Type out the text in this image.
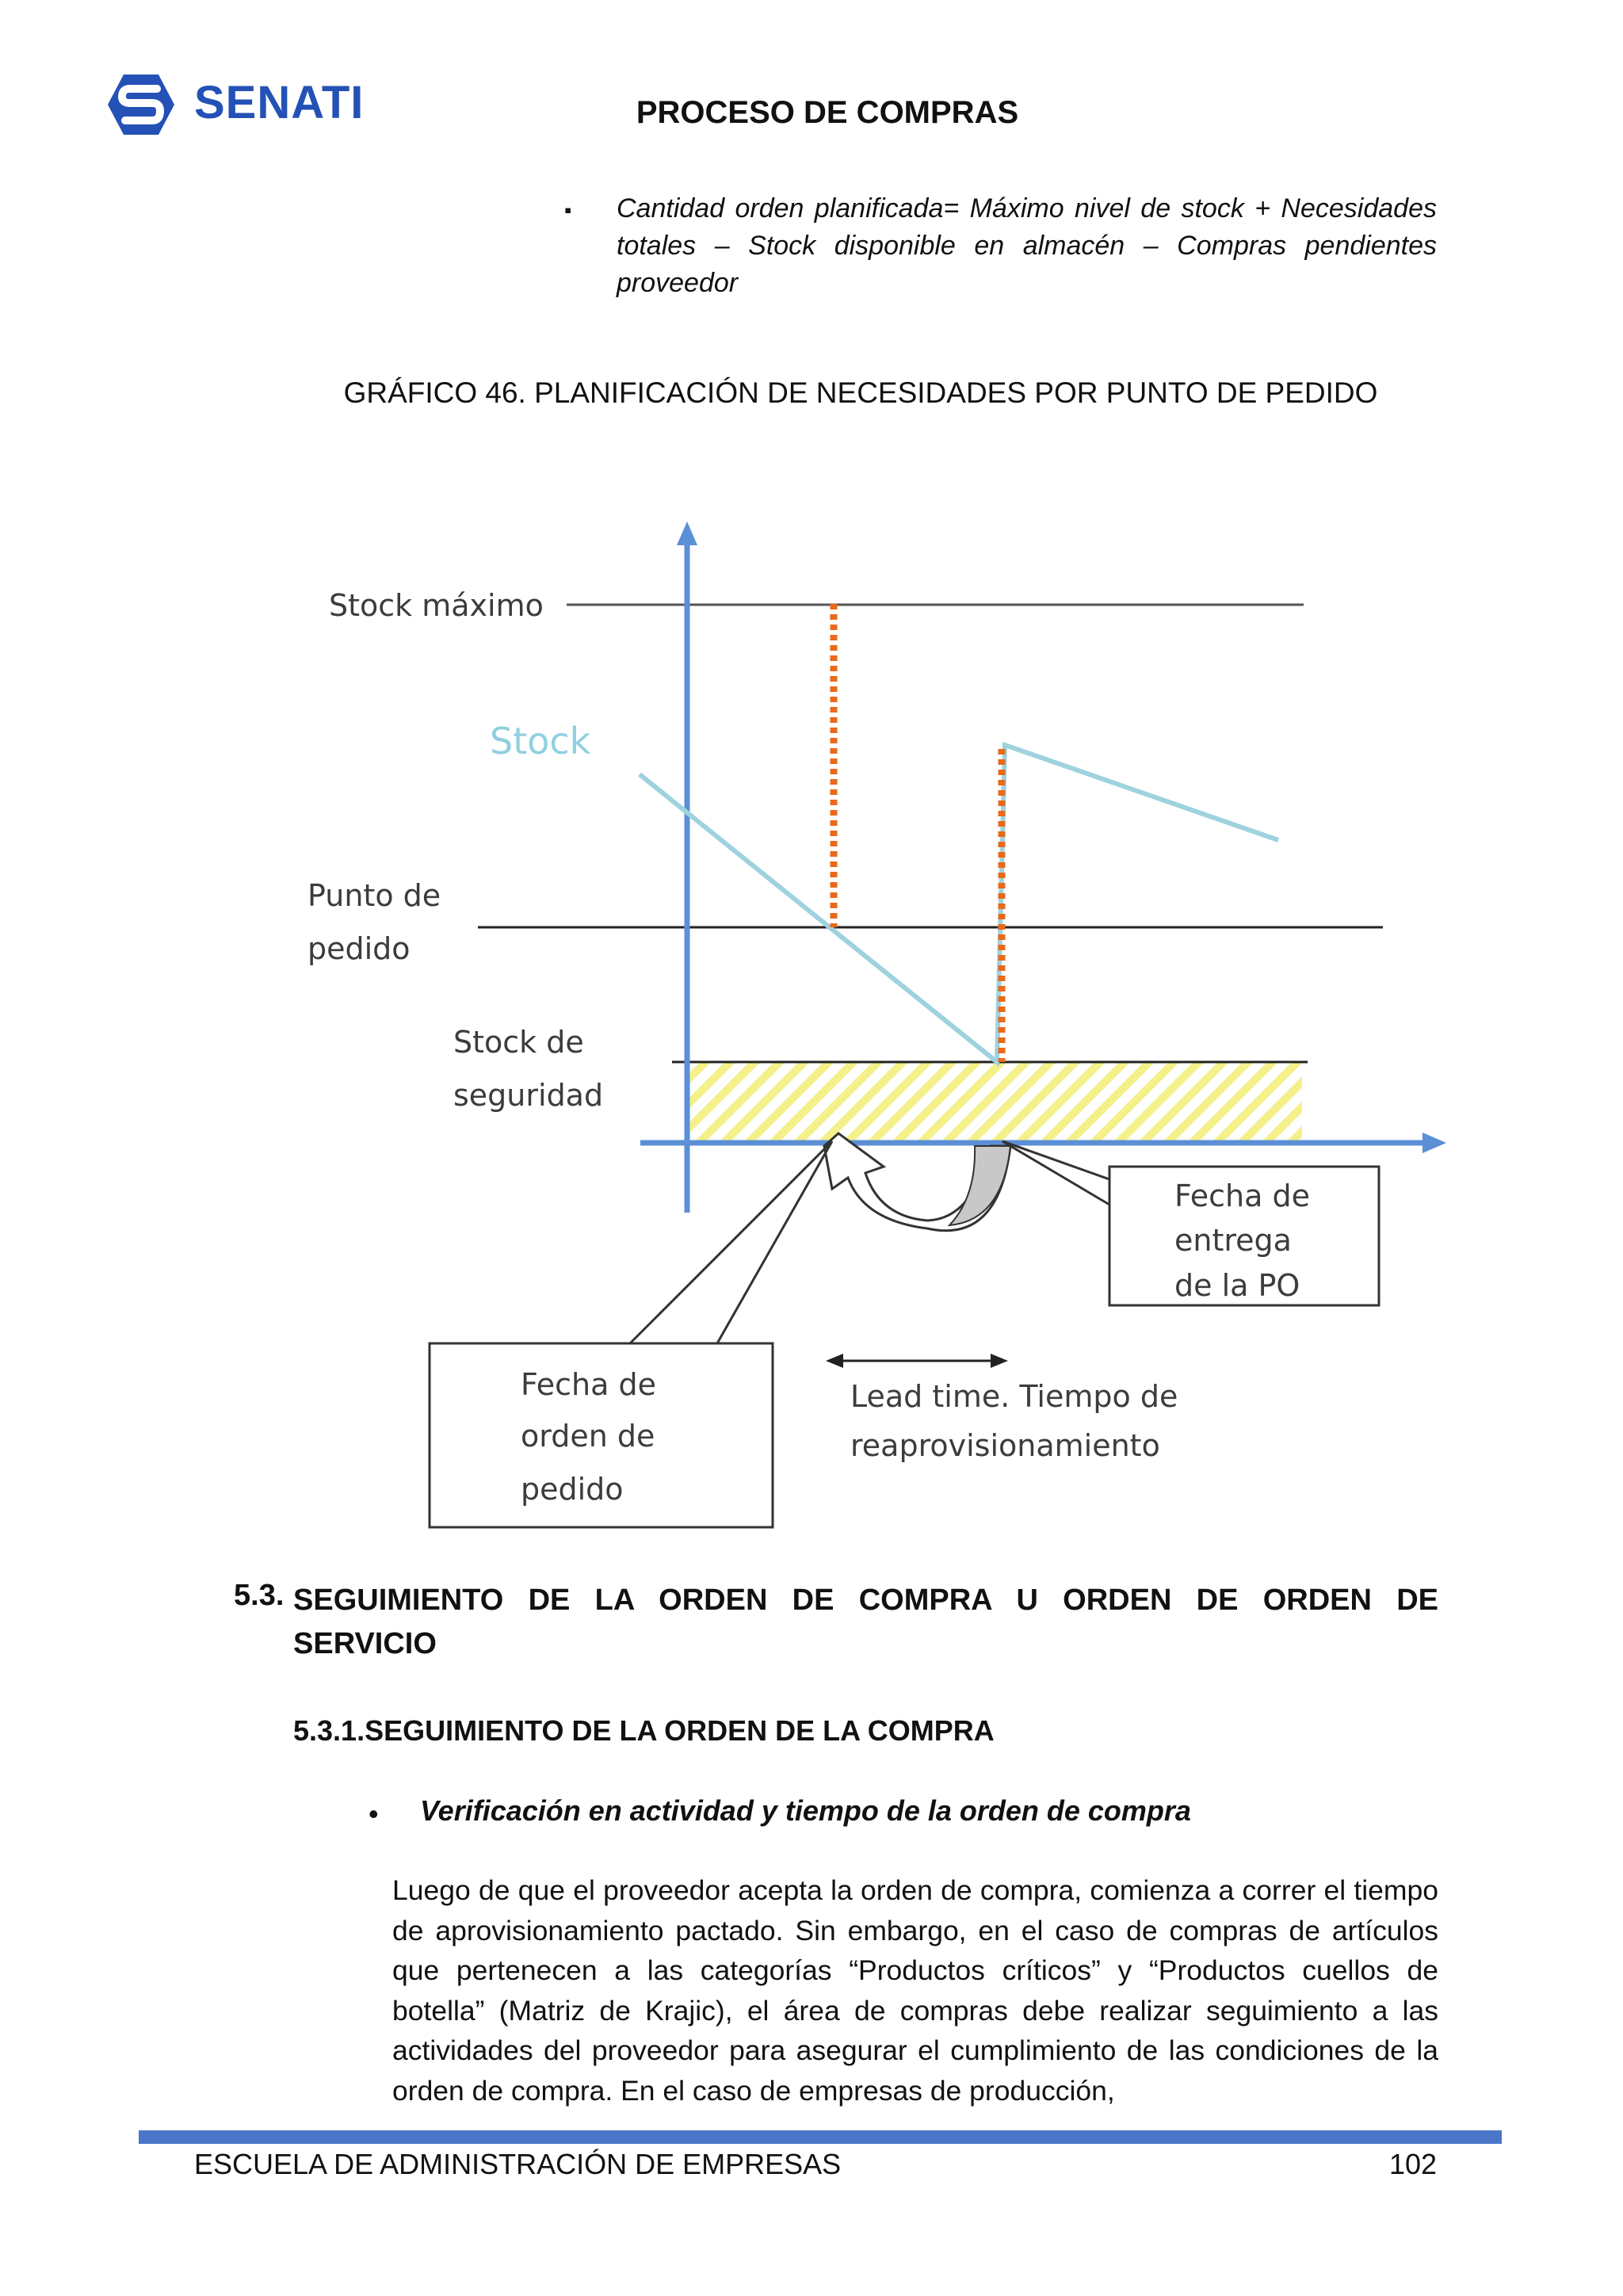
SENATI	PROCESO DE COMPRAS
▪	Cantidad orden planificada= Máximo nivel de stock + Necesidades totales – Stock disponible en almacén – Compras pendientes proveedor
GRÁFICO 46. PLANIFICACIÓN DE NECESIDADES POR PUNTO DE PEDIDO
Stock máximo
Stock
Punto de
pedido
Stock de
seguridad
Fecha de
entrega
de la PO
Fecha de
orden de
pedido
Lead time. Tiempo de
reaprovisionamiento
5.3. SEGUIMIENTO DE LA ORDEN DE COMPRA U ORDEN DE ORDEN DE SERVICIO
5.3.1.SEGUIMIENTO DE LA ORDEN DE LA COMPRA
• Verificación en actividad y tiempo de la orden de compra
Luego de que el proveedor acepta la orden de compra, comienza a correr el tiempo de aprovisionamiento pactado. Sin embargo, en el caso de compras de artículos que pertenecen a las categorías “Productos críticos” y “Productos cuellos de botella” (Matriz de Krajic), el área de compras debe realizar seguimiento a las actividades del proveedor para asegurar el cumplimiento de las condiciones de la orden de compra. En el caso de empresas de producción,
ESCUELA DE ADMINISTRACIÓN DE EMPRESAS	102
